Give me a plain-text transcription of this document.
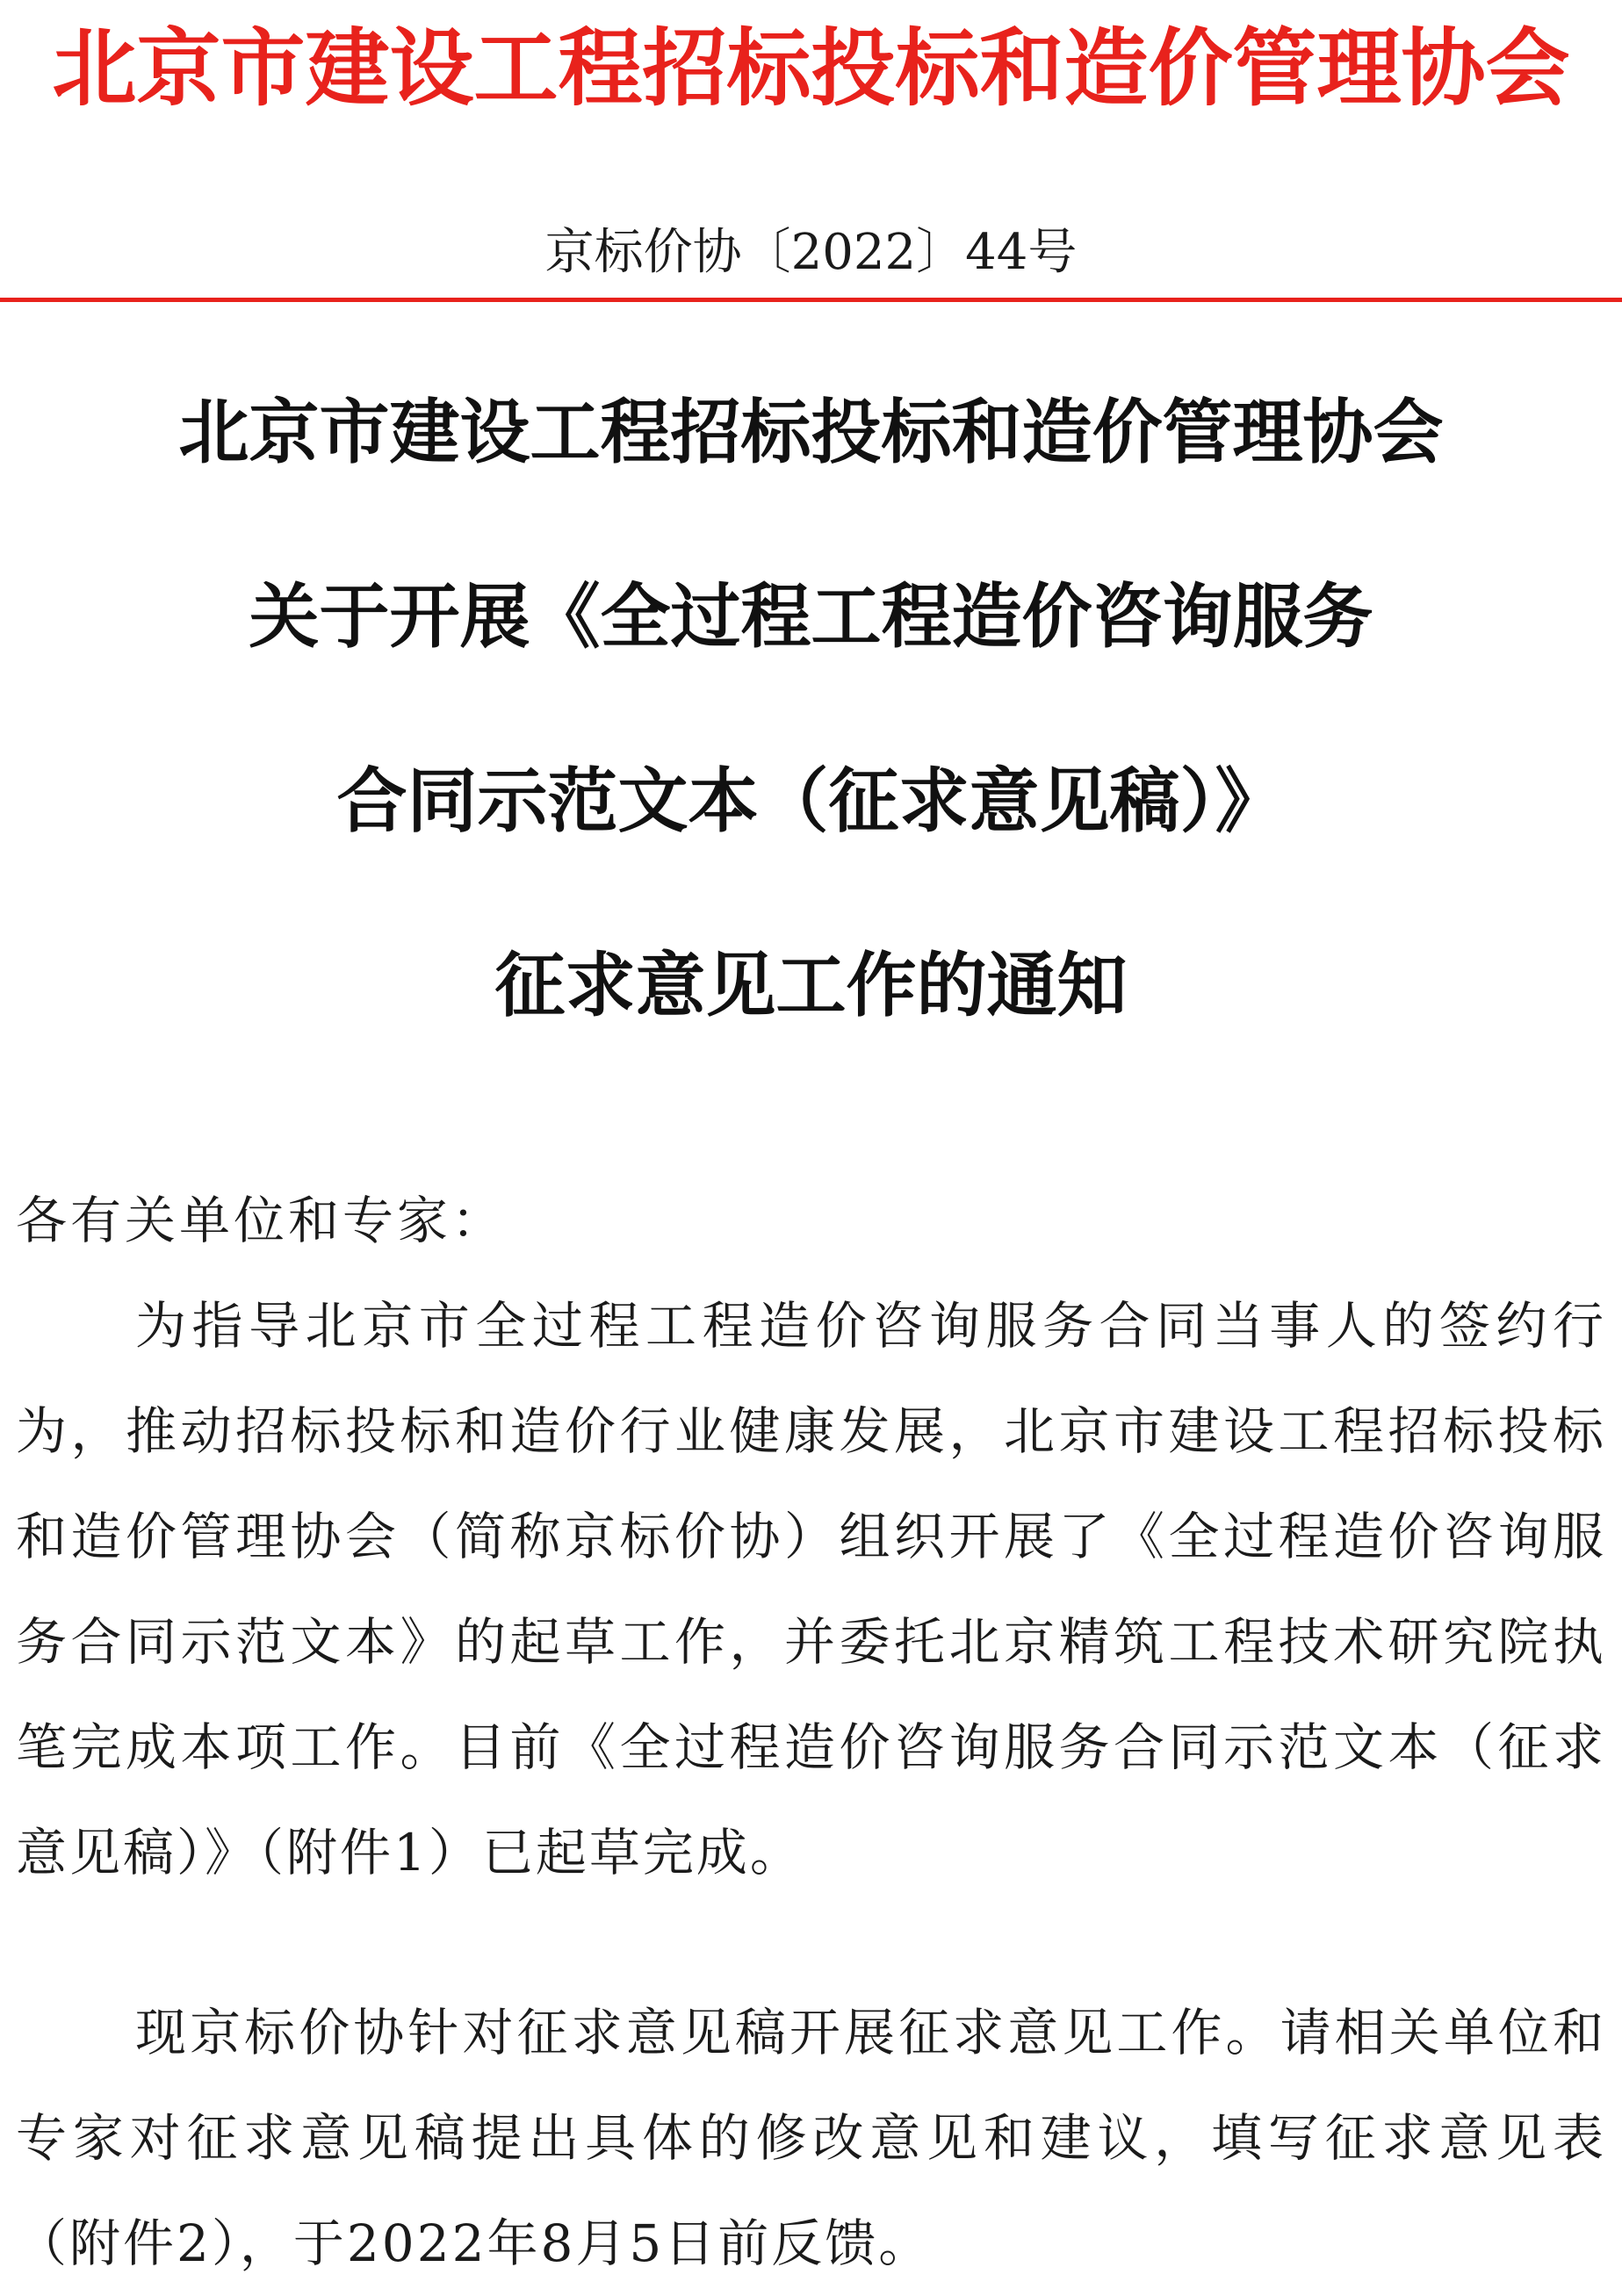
北京市建设工程招标投标和造价管理协会
京标价协〔2022〕44号
北京市建设工程招标投标和造价管理协会
关于开展《全过程工程造价咨询服务
合同示范文本（征求意见稿）》
征求意见工作的通知
各有关单位和专家：

为指导北京市全过程工程造价咨询服务合同当事人的签约行为，推动招标投标和造价行业健康发展，北京市建设工程招标投标和造价管理协会（简称京标价协）组织开展了《全过程造价咨询服务合同示范文本》的起草工作，并委托北京精筑工程技术研究院执笔完成本项工作。目前《全过程造价咨询服务合同示范文本（征求意见稿）》（附件1）已起草完成。

现京标价协针对征求意见稿开展征求意见工作。请相关单位和专家对征求意见稿提出具体的修改意见和建议，填写征求意见表（附件2），于2022年8月5日前反馈。
